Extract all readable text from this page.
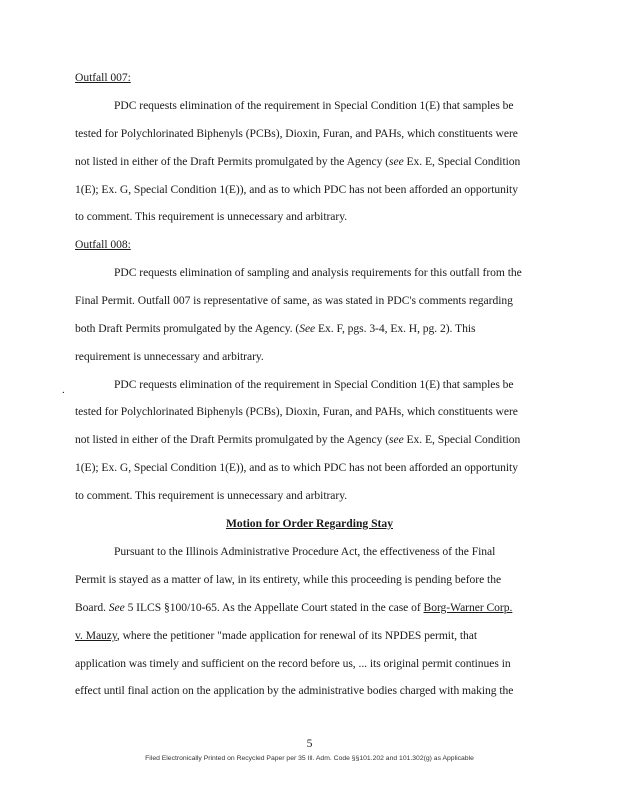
Outfall 007:
PDC requests elimination of the requirement in Special Condition 1(E) that samples be
tested for Polychlorinated Biphenyls (PCBs), Dioxin, Furan, and PAHs, which constituents were
not listed in either of the Draft Permits promulgated by the Agency (see Ex. E, Special Condition
1(E); Ex. G, Special Condition 1(E)), and as to which PDC has not been afforded an opportunity
to comment. This requirement is unnecessary and arbitrary.
Outfall 008:
PDC requests elimination of sampling and analysis requirements for this outfall from the
Final Permit. Outfall 007 is representative of same, as was stated in PDC's comments regarding
both Draft Permits promulgated by the Agency. (See Ex. F, pgs. 3-4, Ex. H, pg. 2). This
requirement is unnecessary and arbitrary.
.	PDC requests elimination of the requirement in Special Condition 1(E) that samples be
tested for Polychlorinated Biphenyls (PCBs), Dioxin, Furan, and PAHs, which constituents were
not listed in either of the Draft Permits promulgated by the Agency (see Ex. E, Special Condition
1(E); Ex. G, Special Condition 1(E)), and as to which PDC has not been afforded an opportunity
to comment. This requirement is unnecessary and arbitrary.
Motion for Order Regarding Stay
Pursuant to the Illinois Administrative Procedure Act, the effectiveness of the Final
Permit is stayed as a matter of law, in its entirety, while this proceeding is pending before the
Board. See 5 ILCS §100/10-65. As the Appellate Court stated in the case of Borg-Warner Corp.
v. Mauzy, where the petitioner "made application for renewal of its NPDES permit, that
application was timely and sufficient on the record before us, ... its original permit continues in
effect until final action on the application by the administrative bodies charged with making the
5
Filed Electronically Printed on Recycled Paper per 35 Ill. Adm. Code §§101.202 and 101.302(g) as Applicable
